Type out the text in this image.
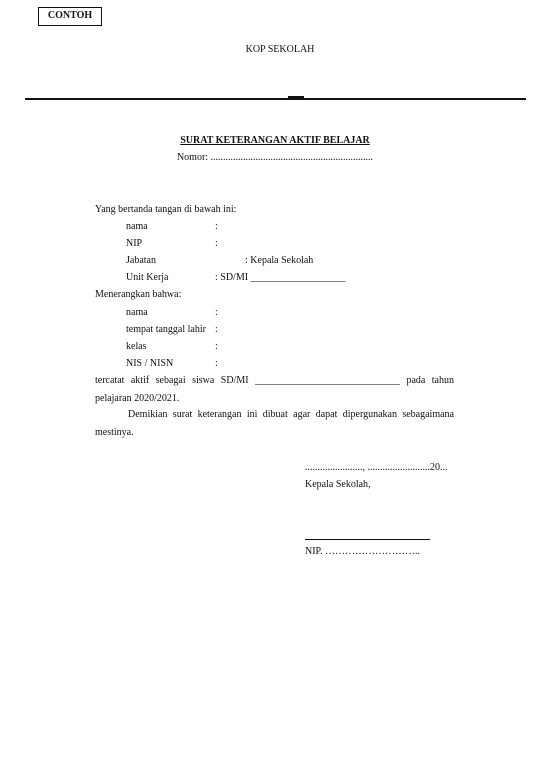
CONTOH
KOP SEKOLAH
SURAT KETERANGAN AKTIF BELAJAR
Nomor: .................................................................
Yang bertanda tangan di bawah ini:
nama	:
NIP	:
Jabatan	: Kepala Sekolah
Unit Kerja	: SD/MI ___________________
Menerangkan bahwa:
nama	:
tempat tanggal lahir :
kelas	:
NIS / NISN	:

tercatat aktif sebagai siswa SD/MI _____________________________ pada tahun pelajaran 2020/2021.

Demikian surat keterangan ini dibuat agar dapat dipergunakan sebagaimana mestinya.

......................., .........................20...
Kepala Sekolah,
NIP. ………………………..
